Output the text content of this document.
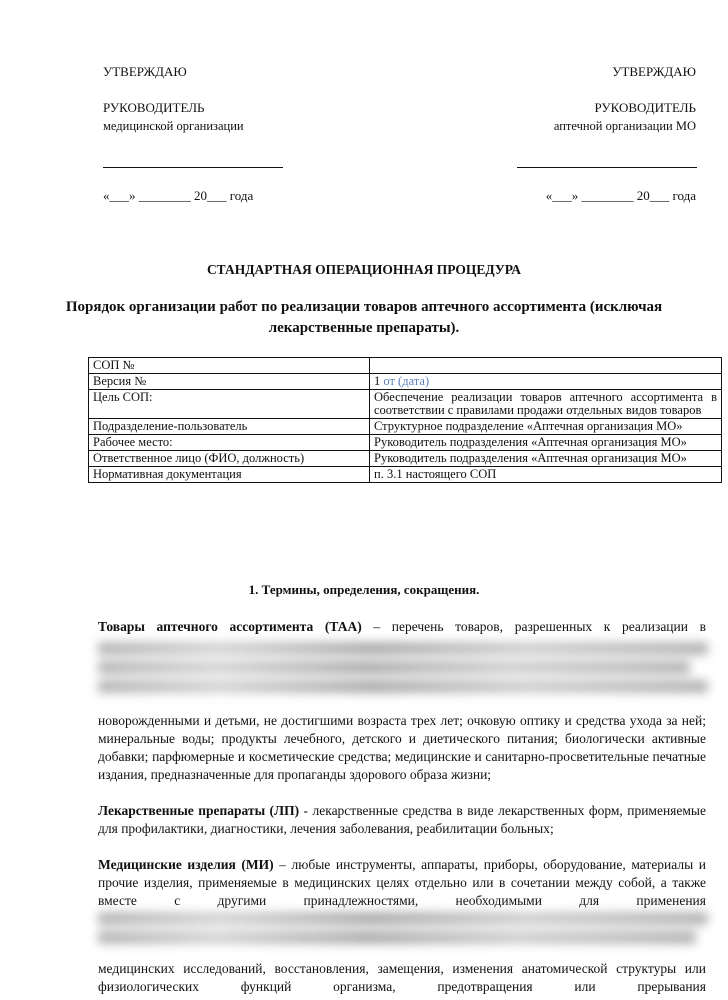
УТВЕРЖДАЮ
РУКОВОДИТЕЛЬ
медицинской организации
«___» ________ 20___ года
УТВЕРЖДАЮ
РУКОВОДИТЕЛЬ
аптечной организации МО
«___» ________ 20___ года
СТАНДАРТНАЯ ОПЕРАЦИОННАЯ ПРОЦЕДУРА
Порядок организации работ по реализации товаров аптечного ассортимента (исключая лекарственные препараты).
СОП №	
Версия №	1 от (дата)
Цель СОП:	Обеспечение реализации товаров аптечного ассортимента в соответствии с правилами продажи отдельных видов товаров
Подразделение-пользователь	Структурное подразделение «Аптечная организация МО»
Рабочее место:	Руководитель подразделения «Аптечная организация МО»
Ответственное лицо (ФИО, должность)	Руководитель подразделения «Аптечная организация МО»
Нормативная документация	п. 3.1 настоящего СОП
1. Термины, определения, сокращения.
Товары аптечного ассортимента (ТАА) – перечень товаров, разрешенных к реализации в
новорожденными и детьми, не достигшими возраста трех лет; очковую оптику и средства ухода за ней; минеральные воды; продукты лечебного, детского и диетического питания; биологически активные добавки; парфюмерные и косметические средства; медицинские и санитарно-просветительные печатные издания, предназначенные для пропаганды здорового образа жизни;
Лекарственные препараты (ЛП) - лекарственные средства в виде лекарственных форм, применяемые для профилактики, диагностики, лечения заболевания, реабилитации больных;
Медицинские изделия (МИ) – любые инструменты, аппараты, приборы, оборудование, материалы и прочие изделия, применяемые в медицинских целях отдельно или в сочетании между собой, а также вместе с другими принадлежностями, необходимыми для применения
медицинских исследований, восстановления, замещения, изменения анатомической структуры или физиологических функций организма, предотвращения или прерывания
